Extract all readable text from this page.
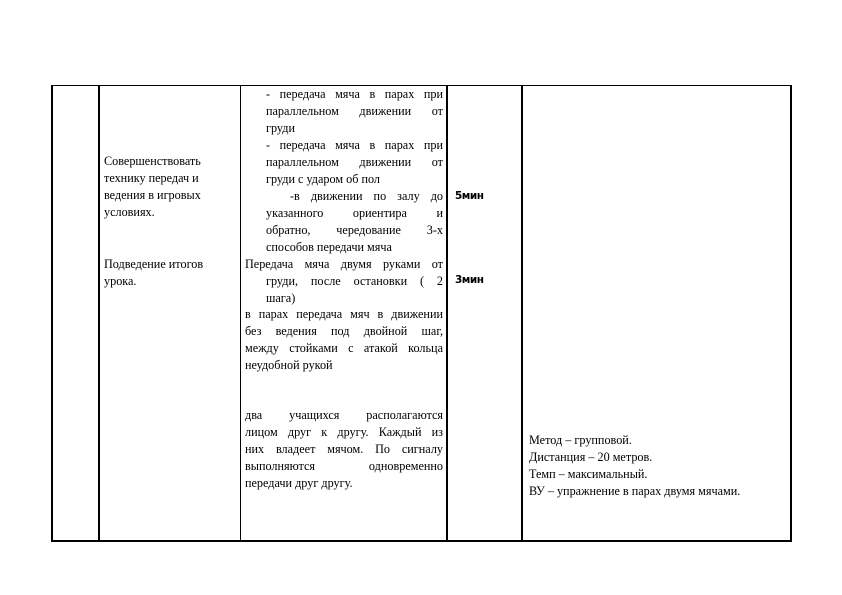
Совершенствовать
технику передач и
ведения в игровых
условиях.
Подведение итогов
урока.
- передача мяча в парах при
параллельном движении от
груди
- передача мяча в парах при
параллельном движении от
груди с ударом об пол
-в движении по залу до
указанного ориентира и
обратно, чередование 3-х
способов передачи мяча
Передача мяча двумя руками от
груди, после остановки ( 2
шага)
в парах передача мяч в движении
без ведения под двойной шаг,
между стойками с атакой кольца
неудобной рукой
два учащихся располагаются
лицом друг к другу. Каждый из
них владеет мячом. По сигналу
выполняются одновременно
передачи друг другу.
5мин
3мин
Метод – групповой.
Дистанция – 20 метров.
Темп – максимальный.
ВУ – упражнение в парах двумя мячами.
